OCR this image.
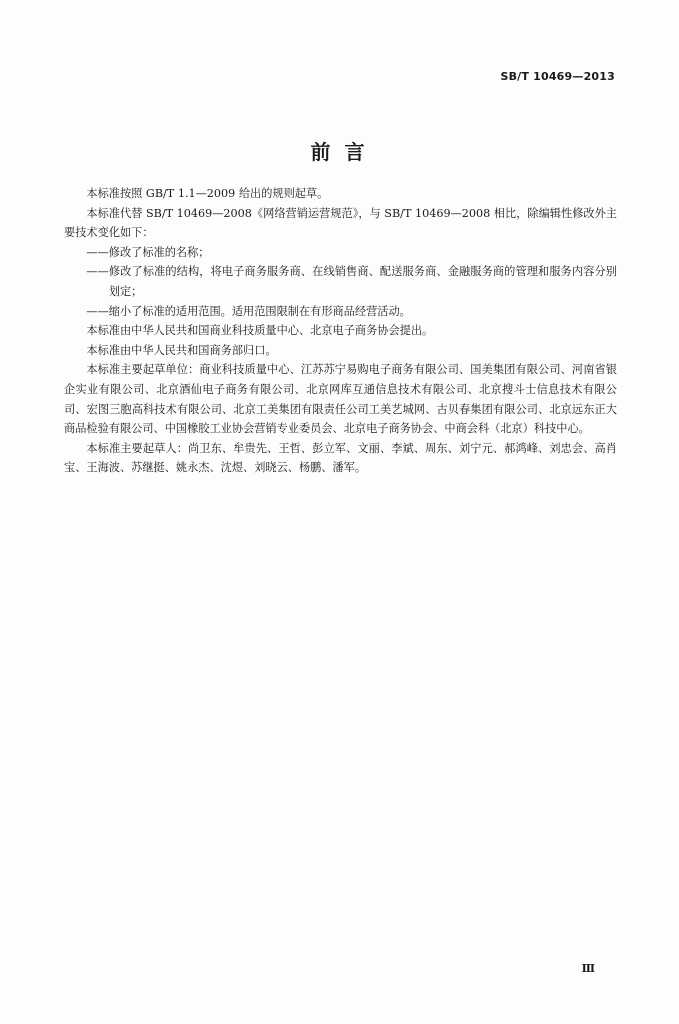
SB/T 10469—2013
前言

本标准按照 GB/T 1.1—2009 给出的规则起草。

本标准代替 SB/T 10469—2008《网络营销运营规范》，与 SB/T 10469—2008 相比，除编辑性修改外主要技术变化如下：

——修改了标准的名称；

——修改了标准的结构，将电子商务服务商、在线销售商、配送服务商、金融服务商的管理和服务内容分别划定；

——缩小了标准的适用范围。适用范围限制在有形商品经营活动。

本标准由中华人民共和国商业科技质量中心、北京电子商务协会提出。

本标准由中华人民共和国商务部归口。

本标准主要起草单位：商业科技质量中心、江苏苏宁易购电子商务有限公司、国美集团有限公司、河南省银企实业有限公司、北京酒仙电子商务有限公司、北京网库互通信息技术有限公司、北京搜斗士信息技术有限公司、宏图三胞高科技术有限公司、北京工美集团有限责任公司工美艺城网、古贝春集团有限公司、北京远东正大商品检验有限公司、中国橡胶工业协会营销专业委员会、北京电子商务协会、中商会科（北京）科技中心。

本标准主要起草人：尚卫东、牟贵先、王哲、彭立军、文丽、李斌、周东、刘宁元、郝鸿峰、刘忠会、高肖宝、王海波、苏继挺、姚永杰、沈煜、刘晓云、杨鹏、潘军。

Ⅲ
